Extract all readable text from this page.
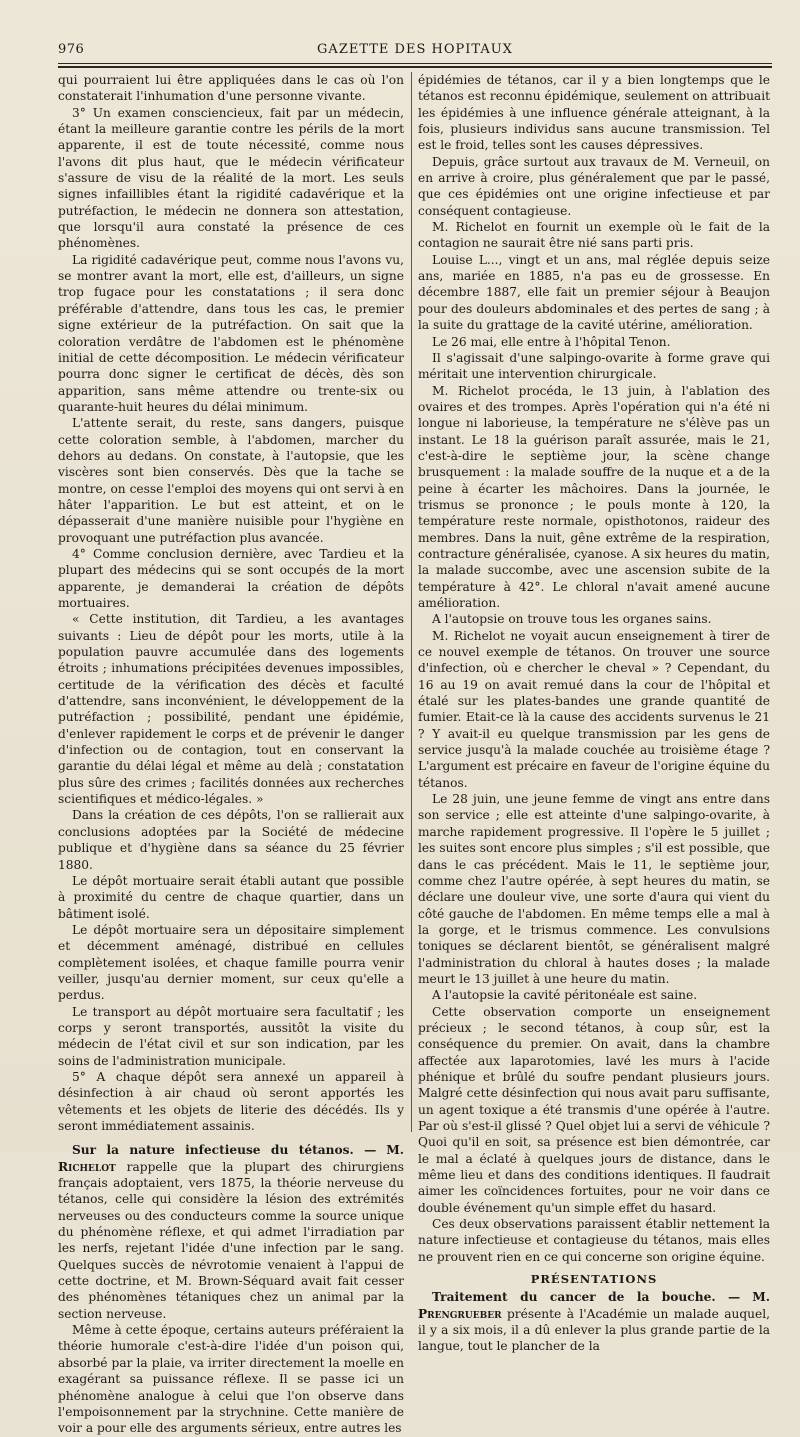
976	GAZETTE DES HOPITAUX

qui pourraient lui être appliquées dans le cas où l'on constaterait l'inhumation d'une personne vivante.

3° Un examen consciencieux, fait par un médecin, étant la meilleure garantie contre les périls de la mort apparente, il est de toute nécessité, comme nous l'avons dit plus haut, que le médecin vérificateur s'assure de visu de la réalité de la mort. Les seuls signes infaillibles étant la rigidité cadavérique et la putréfaction, le médecin ne donnera son attestation, que lorsqu'il aura constaté la présence de ces phénomènes.

La rigidité cadavérique peut, comme nous l'avons vu, se montrer avant la mort, elle est, d'ailleurs, un signe trop fugace pour les constatations ; il sera donc préférable d'attendre, dans tous les cas, le premier signe extérieur de la putréfaction. On sait que la coloration verdâtre de l'abdomen est le phénomène initial de cette décomposition. Le médecin vérificateur pourra donc signer le certificat de décès, dès son apparition, sans même attendre ou trente-six ou quarante-huit heures du délai minimum.

L'attente serait, du reste, sans dangers, puisque cette coloration semble, à l'abdomen, marcher du dehors au dedans. On constate, à l'autopsie, que les viscères sont bien conservés. Dès que la tache se montre, on cesse l'emploi des moyens qui ont servi à en hâter l'apparition. Le but est atteint, et on le dépasserait d'une manière nuisible pour l'hygiène en provoquant une putréfaction plus avancée.

4° Comme conclusion dernière, avec Tardieu et la plupart des médecins qui se sont occupés de la mort apparente, je demanderai la création de dépôts mortuaires.

« Cette institution, dit Tardieu, a les avantages suivants : Lieu de dépôt pour les morts, utile à la population pauvre accumulée dans des logements étroits ; inhumations précipitées devenues impossibles, certitude de la vérification des décès et faculté d'attendre, sans inconvénient, le développement de la putréfaction ; possibilité, pendant une épidémie, d'enlever rapidement le corps et de prévenir le danger d'infection ou de contagion, tout en conservant la garantie du délai légal et même au delà ; constatation plus sûre des crimes ; facilités données aux recherches scientifiques et médico-légales. »

Dans la création de ces dépôts, l'on se rallierait aux conclusions adoptées par la Société de médecine publique et d'hygiène dans sa séance du 25 février 1880.

Le dépôt mortuaire serait établi autant que possible à proximité du centre de chaque quartier, dans un bâtiment isolé.

Le dépôt mortuaire sera un dépositaire simplement et décemment aménagé, distribué en cellules complètement isolées, et chaque famille pourra venir veiller, jusqu'au dernier moment, sur ceux qu'elle a perdus.

Le transport au dépôt mortuaire sera facultatif ; les corps y seront transportés, aussitôt la visite du médecin de l'état civil et sur son indication, par les soins de l'administration municipale.

5° A chaque dépôt sera annexé un appareil à désinfection à air chaud où seront apportés les vêtements et les objets de literie des décédés. Ils y seront immédiatement assainis.

Sur la nature infectieuse du tétanos. — M. Richelot rappelle que la plupart des chirurgiens français adoptaient, vers 1875, la théorie nerveuse du tétanos, celle qui considère la lésion des extrémités nerveuses ou des conducteurs comme la source unique du phénomène réflexe, et qui admet l'irradiation par les nerfs, rejetant l'idée d'une infection par le sang. Quelques succès de névrotomie venaient à l'appui de cette doctrine, et M. Brown-Séquard avait fait cesser des phénomènes tétaniques chez un animal par la section nerveuse.

Même à cette époque, certains auteurs préféraient la théorie humorale c'est-à-dire l'idée d'un poison qui, absorbé par la plaie, va irriter directement la moelle en exagérant sa puissance réflexe. Il se passe ici un phénomène analogue à celui que l'on observe dans l'empoisonnement par la strychnine. Cette manière de voir a pour elle des arguments sérieux, entre autres les

épidémies de tétanos, car il y a bien longtemps que le tétanos est reconnu épidémique, seulement on attribuait les épidémies à une influence générale atteignant, à la fois, plusieurs individus sans aucune transmission. Tel est le froid, telles sont les causes dépressives.

Depuis, grâce surtout aux travaux de M. Verneuil, on en arrive à croire, plus généralement que par le passé, que ces épidémies ont une origine infectieuse et par conséquent contagieuse.

M. Richelot en fournit un exemple où le fait de la contagion ne saurait être nié sans parti pris.

Louise L..., vingt et un ans, mal réglée depuis seize ans, mariée en 1885, n'a pas eu de grossesse. En décembre 1887, elle fait un premier séjour à Beaujon pour des douleurs abdominales et des pertes de sang ; à la suite du grattage de la cavité utérine, amélioration.

Le 26 mai, elle entre à l'hôpital Tenon.

Il s'agissait d'une salpingo-ovarite à forme grave qui méritait une intervention chirurgicale.

M. Richelot procéda, le 13 juin, à l'ablation des ovaires et des trompes. Après l'opération qui n'a été ni longue ni laborieuse, la température ne s'élève pas un instant. Le 18 la guérison paraît assurée, mais le 21, c'est-à-dire le septième jour, la scène change brusquement : la malade souffre de la nuque et a de la peine à écarter les mâchoires. Dans la journée, le trismus se prononce ; le pouls monte à 120, la température reste normale, opisthotonos, raideur des membres. Dans la nuit, gêne extrême de la respiration, contracture généralisée, cyanose. A six heures du matin, la malade succombe, avec une ascension subite de la température à 42°. Le chloral n'avait amené aucune amélioration.

A l'autopsie on trouve tous les organes sains.

M. Richelot ne voyait aucun enseignement à tirer de ce nouvel exemple de tétanos. On trouver une source d'infection, où e chercher le cheval » ? Cependant, du 16 au 19 on avait remué dans la cour de l'hôpital et étalé sur les plates-bandes une grande quantité de fumier. Etait-ce là la cause des accidents survenus le 21 ? Y avait-il eu quelque transmission par les gens de service jusqu'à la malade couchée au troisième étage ? L'argument est précaire en faveur de l'origine équine du tétanos.

Le 28 juin, une jeune femme de vingt ans entre dans son service ; elle est atteinte d'une salpingo-ovarite, à marche rapidement progressive. Il l'opère le 5 juillet ; les suites sont encore plus simples ; s'il est possible, que dans le cas précédent. Mais le 11, le septième jour, comme chez l'autre opérée, à sept heures du matin, se déclare une douleur vive, une sorte d'aura qui vient du côté gauche de l'abdomen. En même temps elle a mal à la gorge, et le trismus commence. Les convulsions toniques se déclarent bientôt, se généralisent malgré l'administration du chloral à hautes doses ; la malade meurt le 13 juillet à une heure du matin.

A l'autopsie la cavité péritonéale est saine.

Cette observation comporte un enseignement précieux ; le second tétanos, à coup sûr, est la conséquence du premier. On avait, dans la chambre affectée aux laparotomies, lavé les murs à l'acide phénique et brûlé du soufre pendant plusieurs jours. Malgré cette désinfection qui nous avait paru suffisante, un agent toxique a été transmis d'une opérée à l'autre. Par où s'est-il glissé ? Quel objet lui a servi de véhicule ? Quoi qu'il en soit, sa présence est bien démontrée, car le mal a éclaté à quelques jours de distance, dans le même lieu et dans des conditions identiques. Il faudrait aimer les coïncidences fortuites, pour ne voir dans ce double événement qu'un simple effet du hasard.

Ces deux observations paraissent établir nettement la nature infectieuse et contagieuse du tétanos, mais elles ne prouvent rien en ce qui concerne son origine équine.

PRÉSENTATIONS

Traitement du cancer de la bouche. — M. Prengrueber présente à l'Académie un malade auquel, il y a six mois, il a dû enlever la plus grande partie de la langue, tout le plancher de la
